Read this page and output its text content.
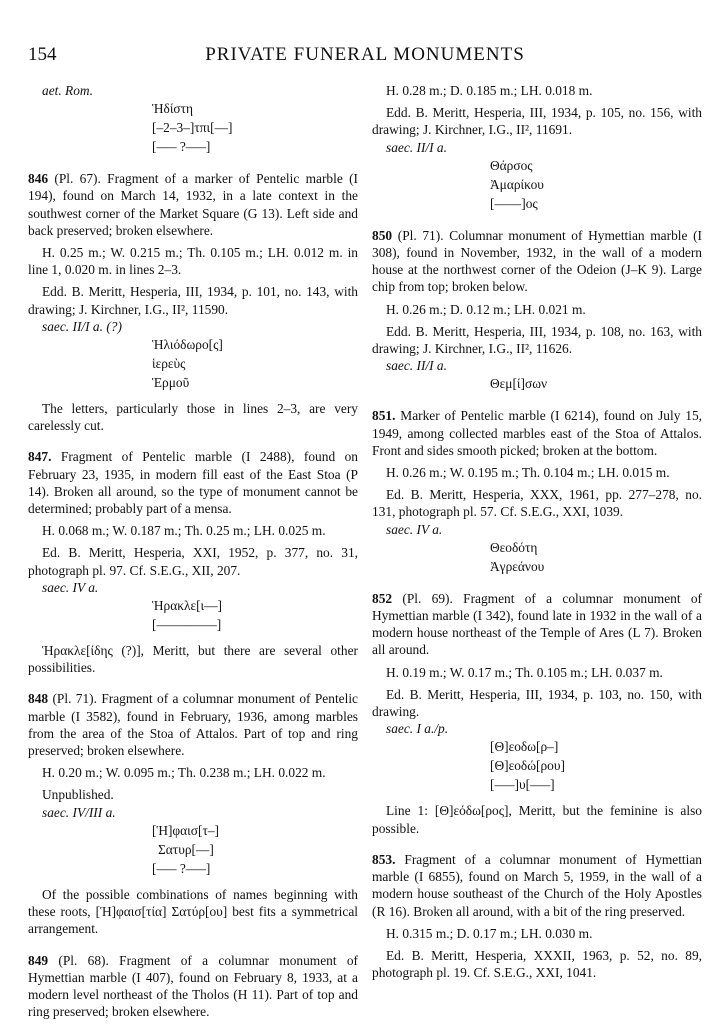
154	PRIVATE FUNERAL MONUMENTS

aet. Rom.

Ἡδίστη
[–2–3–]τπι[––]
[––– ?–––]

846 (Pl. 67). Fragment of a marker of Pentelic marble (I 194), found on March 14, 1932, in a late context in the southwest corner of the Market Square (G 13). Left side and back preserved; broken elsewhere.

H. 0.25 m.; W. 0.215 m.; Th. 0.105 m.; LH. 0.012 m. in line 1, 0.020 m. in lines 2–3.

Edd. B. Meritt, Hesperia, III, 1934, p. 101, no. 143, with drawing; J. Kirchner, I.G., II², 11590.

saec. II/I a. (?)

Ἡλιόδωρο[ς]
ἱερεὺς
Ἑρμοῦ

The letters, particularly those in lines 2–3, are very carelessly cut.

847. Fragment of Pentelic marble (I 2488), found on February 23, 1935, in modern fill east of the East Stoa (P 14). Broken all around, so the type of monument cannot be determined; probably part of a mensa.

H. 0.068 m.; W. 0.187 m.; Th. 0.25 m.; LH. 0.025 m.

Ed. B. Meritt, Hesperia, XXI, 1952, p. 377, no. 31, photograph pl. 97. Cf. S.E.G., XII, 207.

saec. IV a.

Ἡρακλε[ι––]
[–––––––––]

Ἡρακλε[ίδης (?)], Meritt, but there are several other possibilities.

848 (Pl. 71). Fragment of a columnar monument of Pentelic marble (I 3582), found in February, 1936, among marbles from the area of the Stoa of Attalos. Part of top and ring preserved; broken elsewhere.

H. 0.20 m.; W. 0.095 m.; Th. 0.238 m.; LH. 0.022 m.

Unpublished.

saec. IV/III a.

[Ἡ]φαισ[τ–]
Σατυρ[––]
[––– ?–––]

Of the possible combinations of names beginning with these roots, [Ἡ]φαισ[τία] Σατύρ[ου] best fits a symmetrical arrangement.

849 (Pl. 68). Fragment of a columnar monument of Hymettian marble (I 407), found on February 8, 1933, at a modern level northeast of the Tholos (H 11). Part of top and ring preserved; broken elsewhere.

H. 0.28 m.; D. 0.185 m.; LH. 0.018 m.

Edd. B. Meritt, Hesperia, III, 1934, p. 105, no. 156, with drawing; J. Kirchner, I.G., II², 11691.

saec. II/I a.

Θάρσος
Ἀμαρίκου
[––––]ος

850 (Pl. 71). Columnar monument of Hymettian marble (I 308), found in November, 1932, in the wall of a modern house at the northwest corner of the Odeion (J–K 9). Large chip from top; broken below.

H. 0.26 m.; D. 0.12 m.; LH. 0.021 m.

Edd. B. Meritt, Hesperia, III, 1934, p. 108, no. 163, with drawing; J. Kirchner, I.G., II², 11626.

saec. II/I a.

Θεμ[ί]σων

851. Marker of Pentelic marble (I 6214), found on July 15, 1949, among collected marbles east of the Stoa of Attalos. Front and sides smooth picked; broken at the bottom.

H. 0.26 m.; W. 0.195 m.; Th. 0.104 m.; LH. 0.015 m.

Ed. B. Meritt, Hesperia, XXX, 1961, pp. 277–278, no. 131, photograph pl. 57. Cf. S.E.G., XXI, 1039.

saec. IV a.

Θεοδότη
Ἀγρεάνου

852 (Pl. 69). Fragment of a columnar monument of Hymettian marble (I 342), found late in 1932 in the wall of a modern house northeast of the Temple of Ares (L 7). Broken all around.

H. 0.19 m.; W. 0.17 m.; Th. 0.105 m.; LH. 0.037 m.

Ed. B. Meritt, Hesperia, III, 1934, p. 103, no. 150, with drawing.

saec. I a./p.

[Θ]εοδω[ρ–]
[Θ]εοδώ[ρου]
[–––]υ[–––]

Line 1: [Θ]εόδω[ρος], Meritt, but the feminine is also possible.

853. Fragment of a columnar monument of Hymettian marble (I 6855), found on March 5, 1959, in the wall of a modern house southeast of the Church of the Holy Apostles (R 16). Broken all around, with a bit of the ring preserved.

H. 0.315 m.; D. 0.17 m.; LH. 0.030 m.

Ed. B. Meritt, Hesperia, XXXII, 1963, p. 52, no. 89, photograph pl. 19. Cf. S.E.G., XXI, 1041.
